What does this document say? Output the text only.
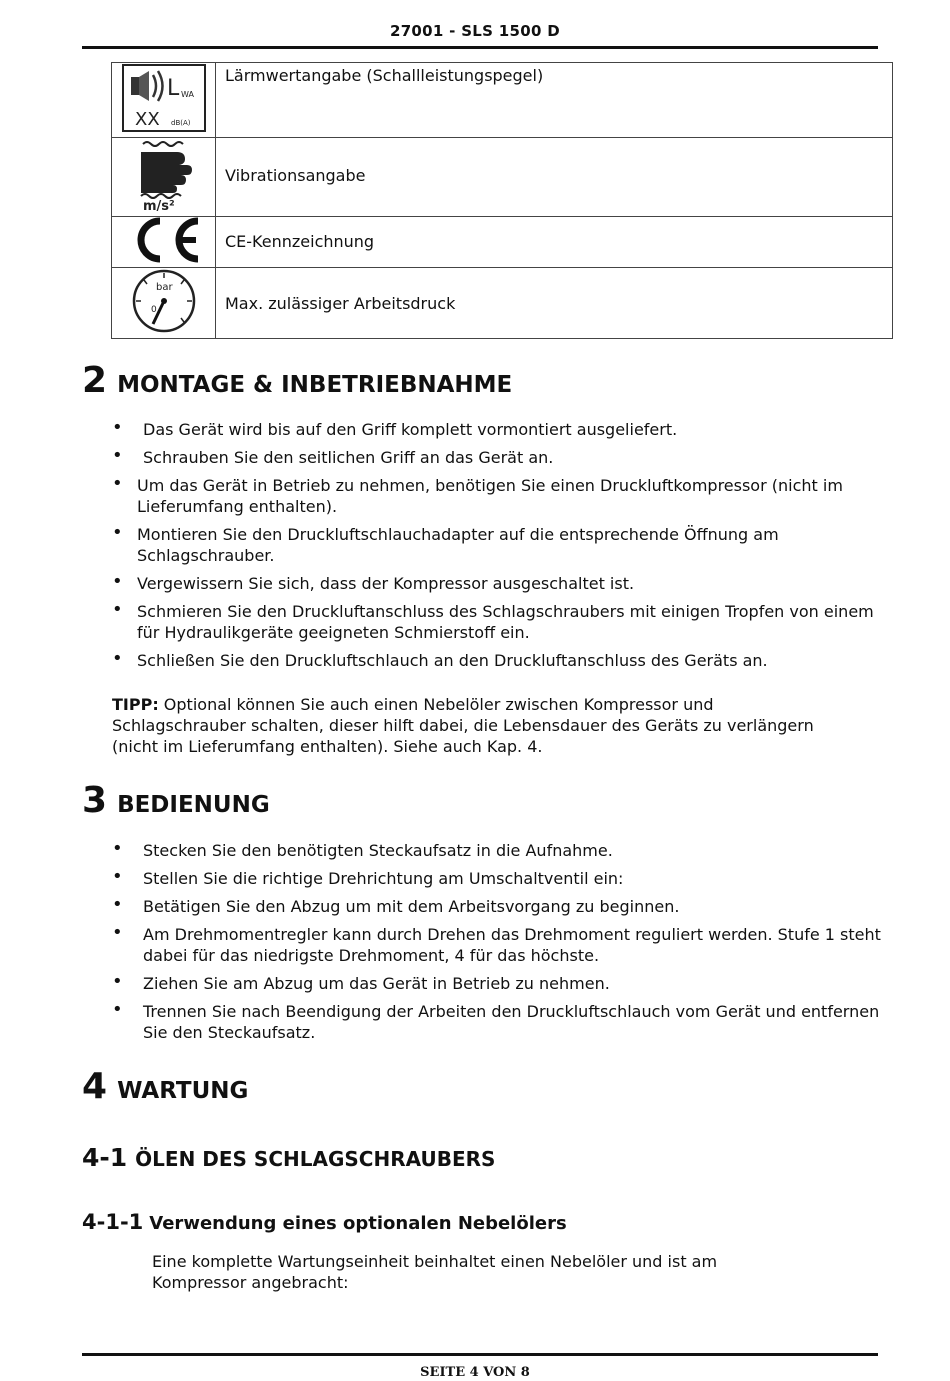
27001 - SLS 1500 D
L WA
XX dB(A)	Lärmwertangabe (Schallleistungspegel)

m/s²	Vibrationsangabe

CE-Kennzeichnung

bar
0	Max. zulässiger Arbeitsdruck
2 MONTAGE & INBETRIEBNAHME
•	Das Gerät wird bis auf den Griff komplett vormontiert ausgeliefert.
•	Schrauben Sie den seitlichen Griff an das Gerät an.
• Um das Gerät in Betrieb zu nehmen, benötigen Sie einen Druckluftkompressor (nicht im Lieferumfang enthalten).
• Montieren Sie den Druckluftschlauchadapter auf die entsprechende Öffnung am Schlagschrauber.
• Vergewissern Sie sich, dass der Kompressor ausgeschaltet ist.
• Schmieren Sie den Druckluftanschluss des Schlagschraubers mit einigen Tropfen von einem für Hydraulikgeräte geeigneten Schmierstoff ein.
• Schließen Sie den Druckluftschlauch an den Druckluftanschluss des Geräts an.

TIPP: Optional können Sie auch einen Nebelöler zwischen Kompressor und Schlagschrauber schalten, dieser hilft dabei, die Lebensdauer des Geräts zu verlängern (nicht im Lieferumfang enthalten). Siehe auch Kap. 4.

3 BEDIENUNG
•	Stecken Sie den benötigten Steckaufsatz in die Aufnahme.
•	Stellen Sie die richtige Drehrichtung am Umschaltventil ein:
•	Betätigen Sie den Abzug um mit dem Arbeitsvorgang zu beginnen.
•	Am Drehmomentregler kann durch Drehen das Drehmoment reguliert werden. Stufe 1 steht dabei für das niedrigste Drehmoment, 4 für das höchste.
•	Ziehen Sie am Abzug um das Gerät in Betrieb zu nehmen.
•	Trennen Sie nach Beendigung der Arbeiten den Druckluftschlauch vom Gerät und entfernen Sie den Steckaufsatz.
4 WARTUNG
4-1 ÖLEN DES SCHLAGSCHRAUBERS
4-1-1 Verwendung eines optionalen Nebelölers

Eine komplette Wartungseinheit beinhaltet einen Nebelöler und ist am Kompressor angebracht:

SEITE 4 VON 8
